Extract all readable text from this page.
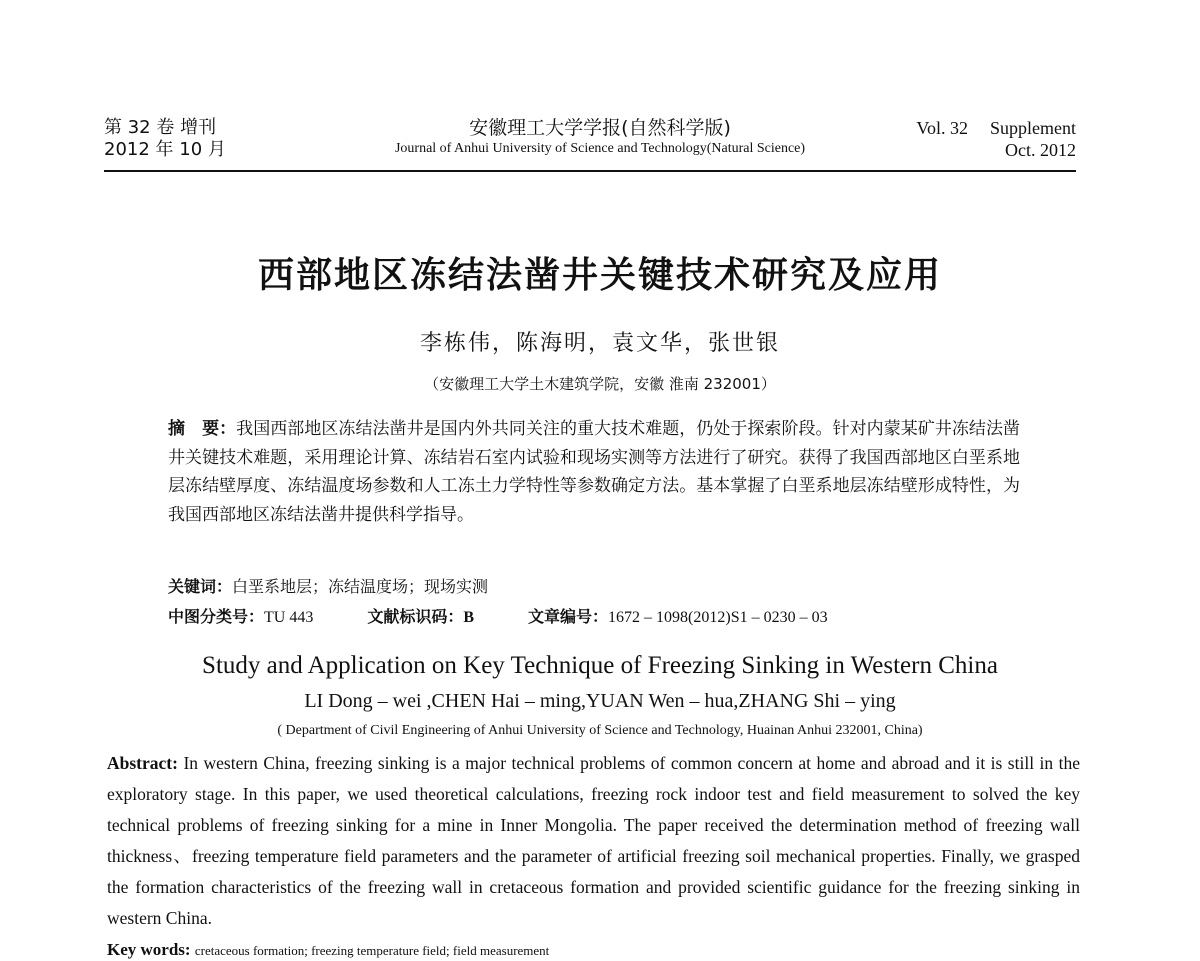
第 32 卷 增刊
2012 年 10 月
安徽理工大学学报(自然科学版)
Journal of Anhui University of Science and Technology(Natural Science)
Vol. 32 Supplement
Oct. 2012
西部地区冻结法凿井关键技术研究及应用
李栋伟，陈海明，袁文华，张世银
（安徽理工大学土木建筑学院，安徽 淮南 232001）
摘　要：我国西部地区冻结法凿井是国内外共同关注的重大技术难题，仍处于探索阶段。针对内蒙某矿井冻结法凿井关键技术难题，采用理论计算、冻结岩石室内试验和现场实测等方法进行了研究。获得了我国西部地区白垩系地层冻结壁厚度、冻结温度场参数和人工冻土力学特性等参数确定方法。基本掌握了白垩系地层冻结壁形成特性，为我国西部地区冻结法凿井提供科学指导。
关键词：白垩系地层；冻结温度场；现场实测
中图分类号：TU 443	文献标识码：B	文章编号：1672 – 1098(2012)S1 – 0230 – 03
Study and Application on Key Technique of Freezing Sinking in Western China
LI Dong – wei ,CHEN Hai – ming,YUAN Wen – hua,ZHANG Shi – ying
( Department of Civil Engineering of Anhui University of Science and Technology, Huainan Anhui 232001, China)
Abstract: In western China, freezing sinking is a major technical problems of common concern at home and abroad and it is still in the exploratory stage. In this paper, we used theoretical calculations, freezing rock indoor test and field measurement to solved the key technical problems of freezing sinking for a mine in Inner Mongolia. The paper received the determination method of freezing wall thickness、freezing temperature field parameters and the parameter of artificial freezing soil mechanical properties. Finally, we grasped the formation characteristics of the freezing wall in cretaceous formation and provided scientific guidance for the freezing sinking in western China.
Key words: cretaceous formation; freezing temperature field; field measurement
